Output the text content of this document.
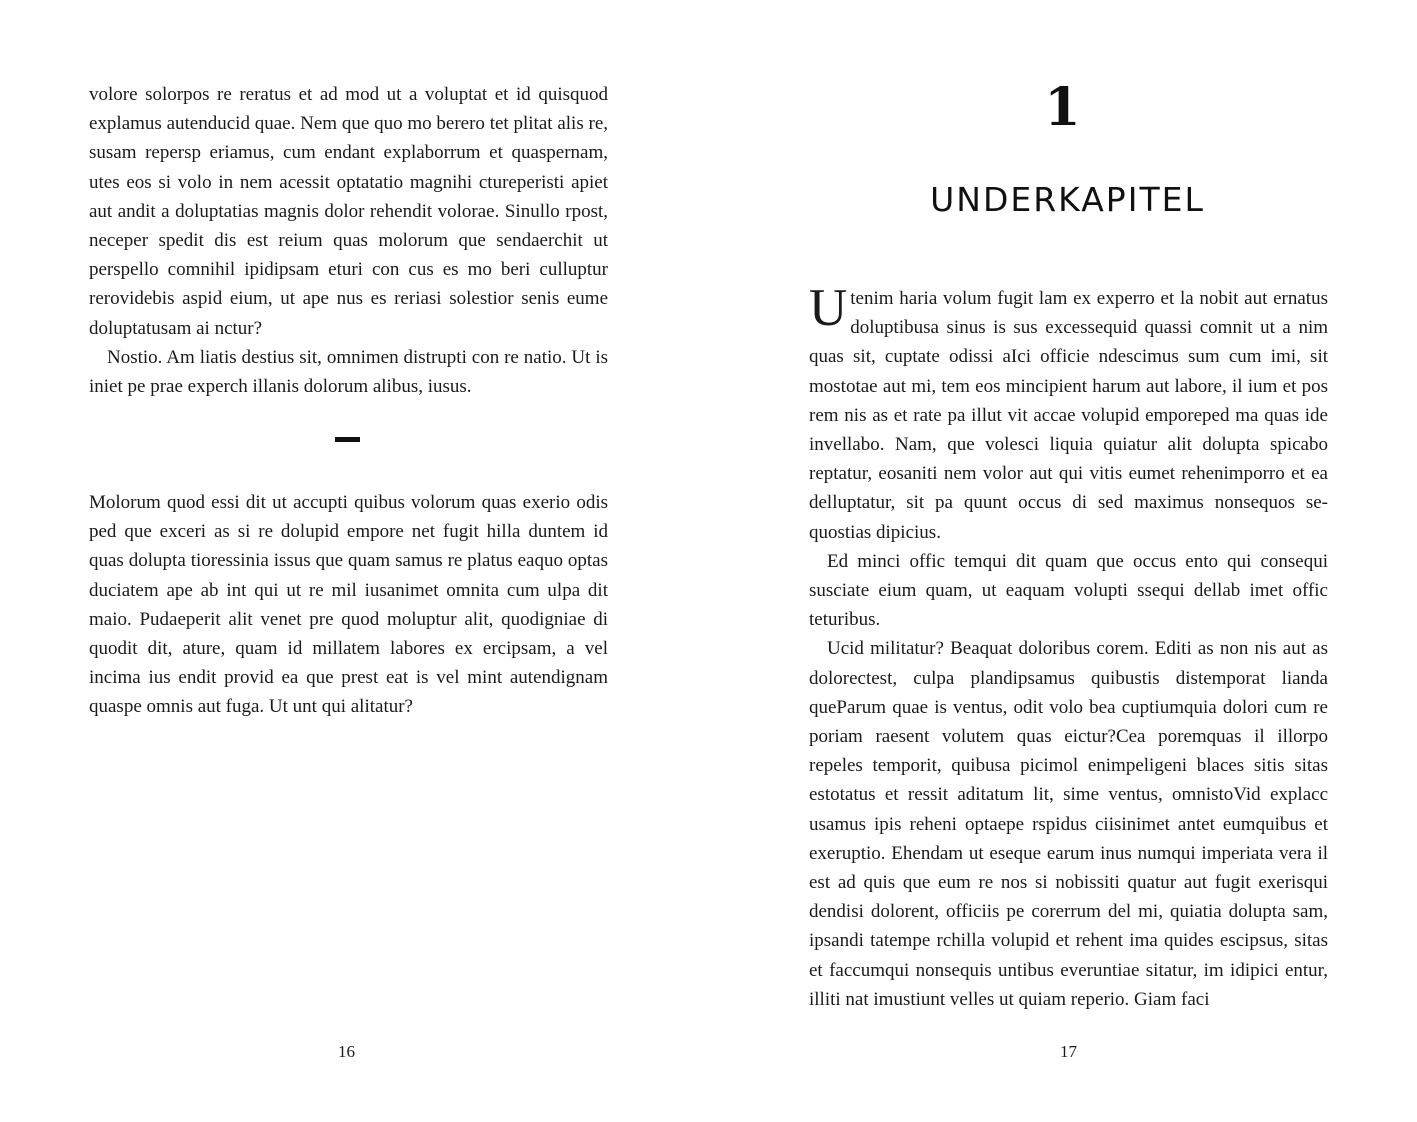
volore solorpos re reratus et ad mod ut a voluptat et id quisquod explamus autenducid quae. Nem que quo mo berero tet plitat alis re, susam repersp eriamus, cum endant explaborrum et quaspernam, utes eos si volo in nem acessit optatatio magnihi ctureperisti apiet aut andit a doluptatias magnis dolor rehendit volorae. Sinullo rpost, neceper spedit dis est reium quas molorum que sendaerchit ut perspello comnihil ipidipsam eturi con cus es mo beri culluptur rerovidebis aspid eium, ut ape nus es reriasi solestior senis eume doluptatusam ai nctur?

Nostio. Am liatis destius sit, omnimen distrupti con re natio. Ut is iniet pe prae experch illanis dolorum alibus, iusus.

Molorum quod essi dit ut accupti quibus volorum quas exerio odis ped que exceri as si re dolupid empore net fugit hilla duntem id quas dolupta tioressinia issus que quam samus re platus eaquo optas duciatem ape ab int qui ut re mil iusanimet omnita cum ulpa dit maio. Pudaeperit alit venet pre quod moluptur alit, quodigniae di quodit dit, ature, quam id millatem labores ex ercipsam, a vel incima ius endit provid ea que prest eat is vel mint autendignam quaspe omnis aut fuga. Ut unt qui alitatur?

16
1
UNDERKAPITEL

Utenim haria volum fugit lam ex experro et la nobit aut ernatus doluptibusa sinus is sus excessequid quassi comnit ut a nim quas sit, cuptate odissi aIci officie ndescimus sum cum imi, sit mostotae aut mi, tem eos mincipient harum aut labore, il ium et pos rem nis as et rate pa illut vit accae volupid emporeped ma quas ide invellabo. Nam, que volesci liquia quiatur alit dolupta spicabo reptatur, eosaniti nem volor aut qui vitis eumet rehenimporro et ea delluptatur, sit pa quunt occus di sed maximus nonsequos sequostias dipicius.

Ed minci offic temqui dit quam que occus ento qui consequi susciate eium quam, ut eaquam volupti ssequi dellab imet offic teturibus.

Ucid militatur? Beaquat doloribus corem. Editi as non nis aut as dolorectest, culpa plandipsamus quibustis distemporat lianda queParum quae is ventus, odit volo bea cuptiumquia dolori cum re poriam raesent volutem quas eictur?Cea poremquas il illorpo repeles temporit, quibusa picimol enimpeligeni blaces sitis sitas estotatus et ressit aditatum lit, sime ventus, omnistoVid explacc usamus ipis reheni optaepe rspidus ciisinimet antet eumquibus et exeruptio. Ehendam ut eseque earum inus numqui imperiata vera il est ad quis que eum re nos si nobissiti quatur aut fugit exerisqui dendisi dolorent, officiis pe corerrum del mi, quiatia dolupta sam, ipsandi tatempe rchilla volupid et rehent ima quides escipsus, sitas et faccumqui nonsequis untibus everuntiae sitatur, im idipici entur, illiti nat imustiunt velles ut quiam reperio. Giam faci

17
